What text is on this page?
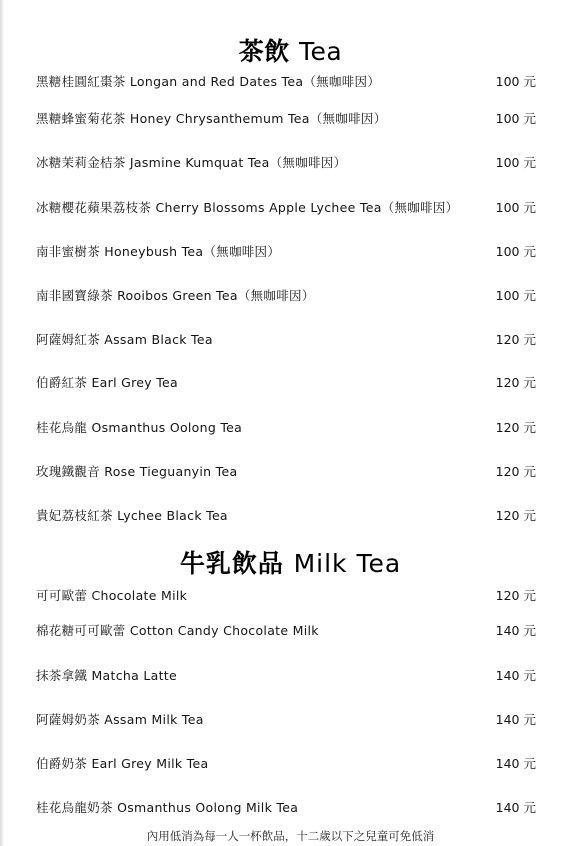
茶飲 Tea
黑糖桂圓紅棗茶 Longan and Red Dates Tea（無咖啡因）	100 元
黑糖蜂蜜菊花茶 Honey Chrysanthemum Tea（無咖啡因）	100 元
冰糖茉莉金桔茶 Jasmine Kumquat Tea（無咖啡因）	100 元
冰糖櫻花蘋果荔枝茶 Cherry Blossoms Apple Lychee Tea（無咖啡因）	100 元
南非蜜樹茶 Honeybush Tea（無咖啡因）	100 元
南非國寶綠茶 Rooibos Green Tea（無咖啡因）	100 元
阿薩姆紅茶 Assam Black Tea	120 元
伯爵紅茶 Earl Grey Tea	120 元
桂花烏龍 Osmanthus Oolong Tea	120 元
玫瑰鐵觀音 Rose Tieguanyin Tea	120 元
貴妃荔枝紅茶 Lychee Black Tea	120 元
牛乳飲品 Milk Tea
可可歐蕾 Chocolate Milk	120 元
棉花糖可可歐蕾 Cotton Candy Chocolate Milk	140 元
抹茶拿鐵 Matcha Latte	140 元
阿薩姆奶茶 Assam Milk Tea	140 元
伯爵奶茶 Earl Grey Milk Tea	140 元
桂花烏龍奶茶 Osmanthus Oolong Milk Tea	140 元
內用低消為每一人一杯飲品，十二歲以下之兒童可免低消
